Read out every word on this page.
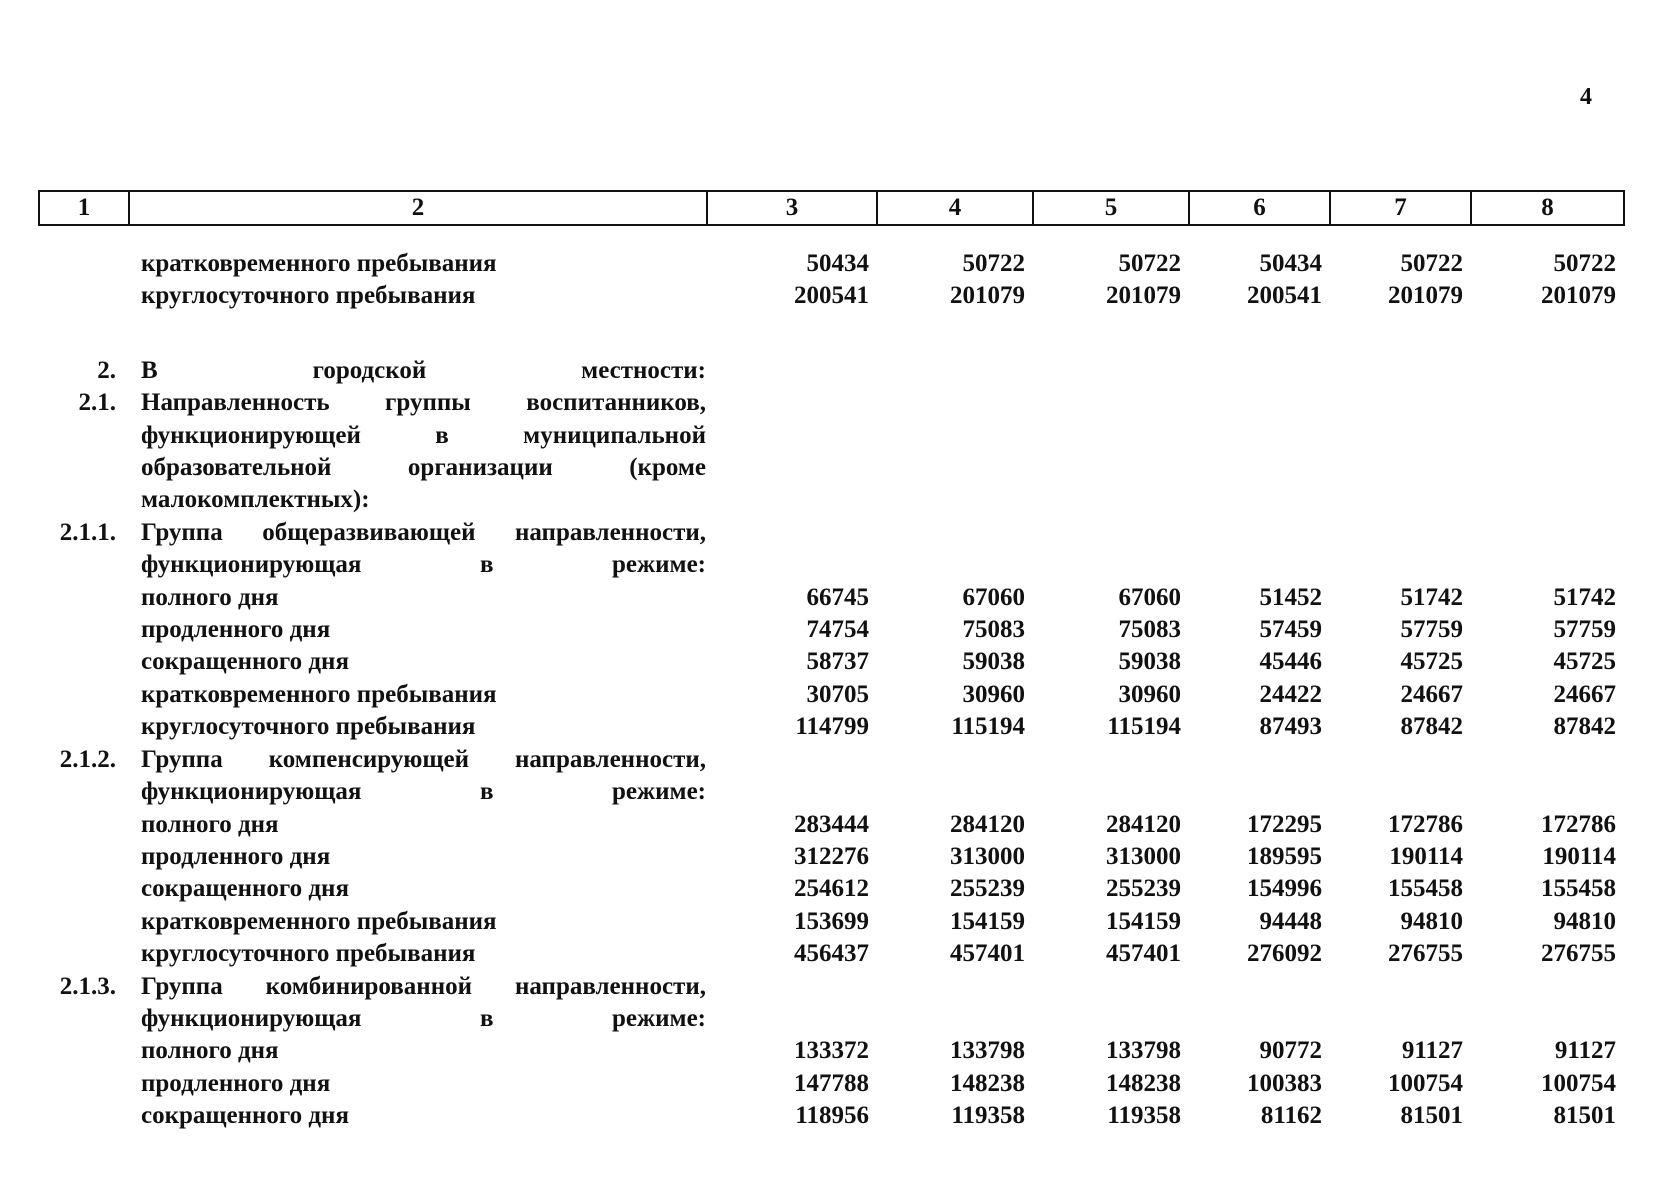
4
1	2	3	4	5	6	7	8
	кратковременного пребывания	50434	50722	50722	50434	50722	50722
	круглосуточного пребывания	200541	201079	201079	200541	201079	201079

2.	В городской местности:						
2.1.	Направленность группы воспитанников, функционирующей в муниципальной образовательной организации (кроме малокомплектных):						
2.1.1.	Группа общеразвивающей направленности, функционирующая в режиме:						
	полного дня	66745	67060	67060	51452	51742	51742
	продленного дня	74754	75083	75083	57459	57759	57759
	сокращенного дня	58737	59038	59038	45446	45725	45725
	кратковременного пребывания	30705	30960	30960	24422	24667	24667
	круглосуточного пребывания	114799	115194	115194	87493	87842	87842
2.1.2.	Группа компенсирующей направленности, функционирующая в режиме:						
	полного дня	283444	284120	284120	172295	172786	172786
	продленного дня	312276	313000	313000	189595	190114	190114
	сокращенного дня	254612	255239	255239	154996	155458	155458
	кратковременного пребывания	153699	154159	154159	94448	94810	94810
	круглосуточного пребывания	456437	457401	457401	276092	276755	276755
2.1.3.	Группа комбинированной направленности, функционирующая в режиме:						
	полного дня	133372	133798	133798	90772	91127	91127
	продленного дня	147788	148238	148238	100383	100754	100754
	сокращенного дня	118956	119358	119358	81162	81501	81501
